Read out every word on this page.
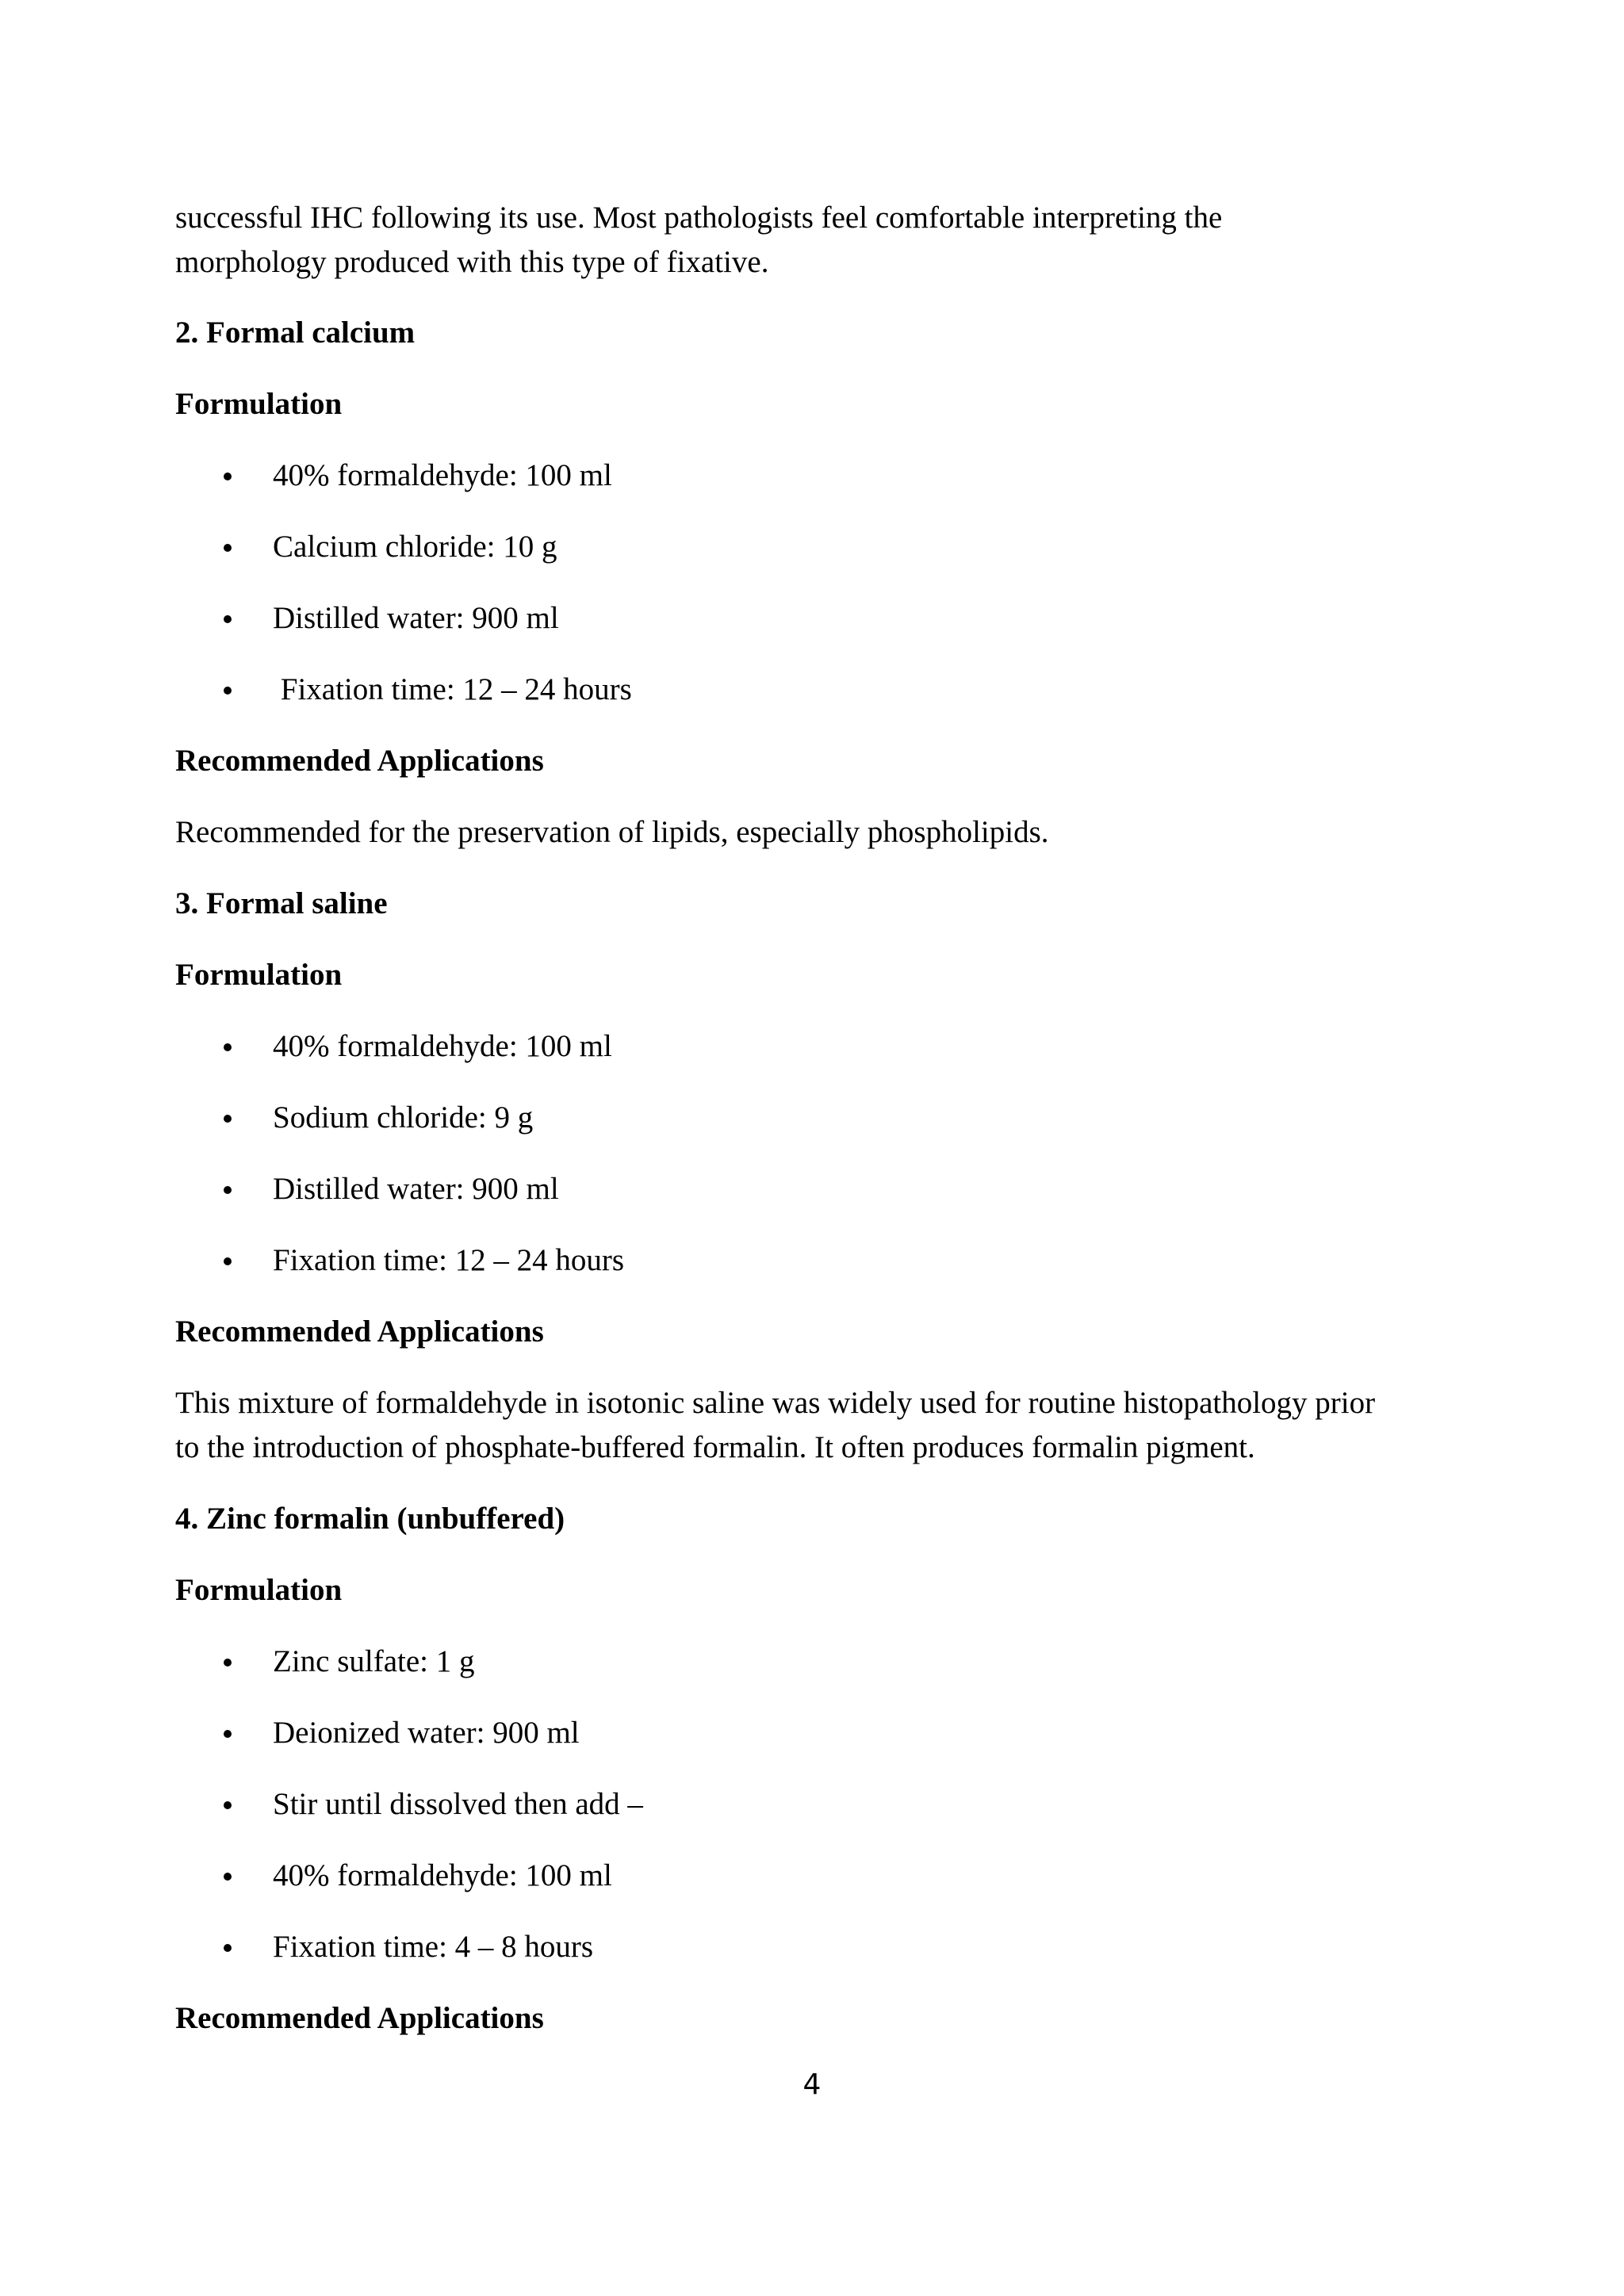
successful IHC following its use. Most pathologists feel comfortable interpreting the
morphology produced with this type of fixative.
2. Formal calcium
Formulation
40% formaldehyde: 100 ml
Calcium chloride: 10 g
Distilled water: 900 ml
Fixation time: 12 – 24 hours
Recommended Applications
Recommended for the preservation of lipids, especially phospholipids.
3. Formal saline
Formulation
40% formaldehyde: 100 ml
Sodium chloride: 9 g
Distilled water: 900 ml
Fixation time: 12 – 24 hours
Recommended Applications
This mixture of formaldehyde in isotonic saline was widely used for routine histopathology prior
to the introduction of phosphate-buffered formalin. It often produces formalin pigment.
4. Zinc formalin (unbuffered)
Formulation
Zinc sulfate: 1 g
Deionized water: 900 ml
Stir until dissolved then add –
40% formaldehyde: 100 ml
Fixation time: 4 – 8 hours
Recommended Applications
4
